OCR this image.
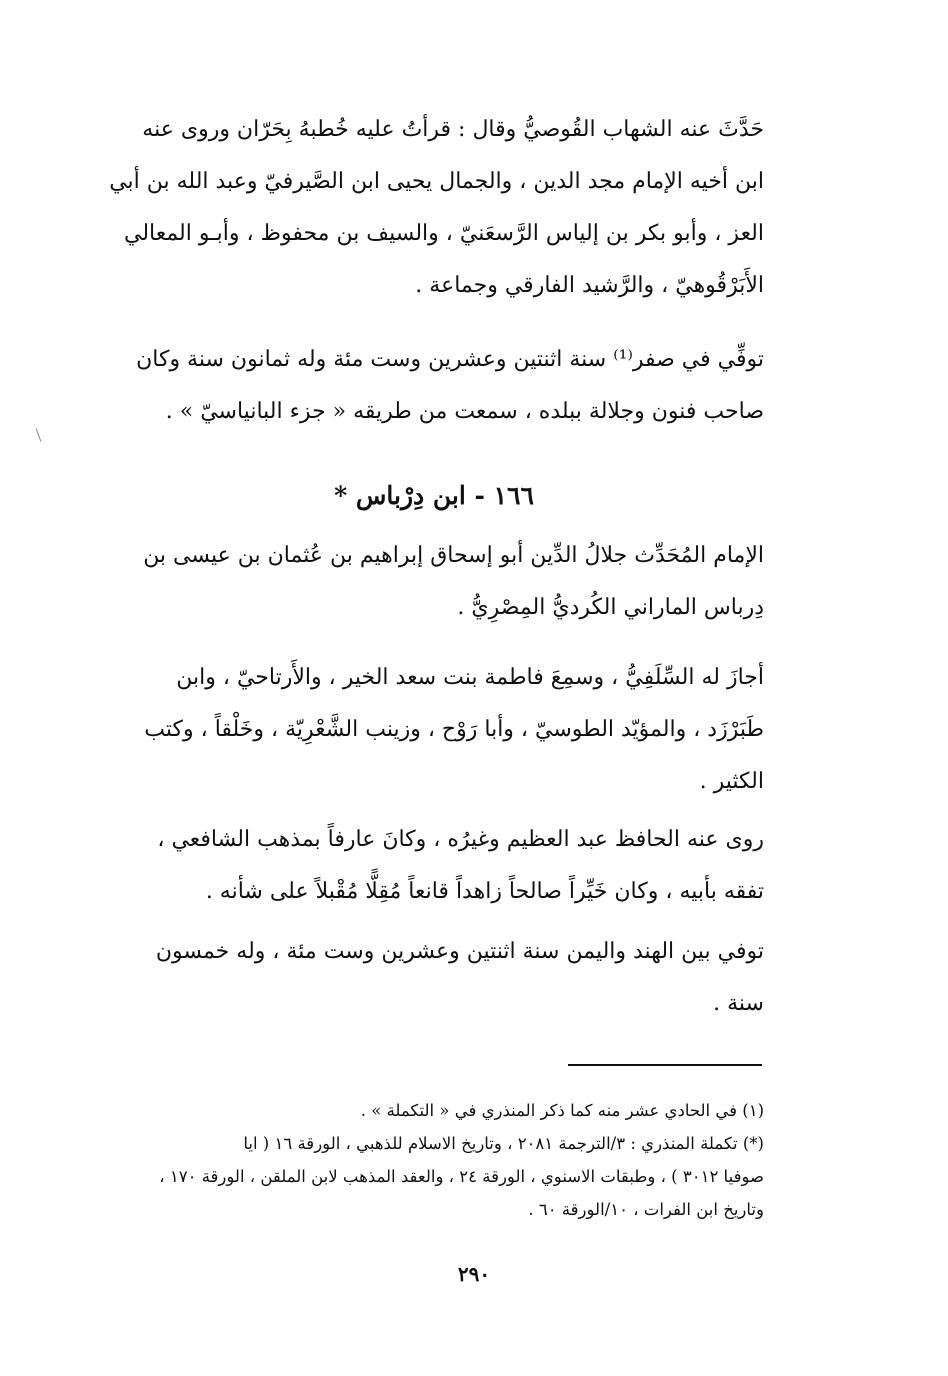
حَدَّثَ عنه الشهاب القُوصيُّ وقال : قرأتُ عليه خُطبهُ بِحَرّان وروى عنه
ابن أخيه الإمام مجد الدين ، والجمال يحيى ابن الصَّيرفيّ وعبد الله بن أبي
العز ، وأبو بكر بن إلياس الرَّسعَنيّ ، والسيف بن محفوظ ، وأبـو المعالي
الأَبَرْقُوهيّ ، والرَّشيد الفارقي وجماعة .
توفِّي في صفر⁽¹⁾ سنة اثنتين وعشرين وست مئة وله ثمانون سنة وكان
صاحب فنون وجلالة ببلده ، سمعت من طريقه « جزء البانياسيّ » .
١٦٦ - ابن دِرْباس *
الإمام المُحَدِّث جلالُ الدِّين أبو إسحاق إبراهيم بن عُثمان بن عيسى بن
دِرباس الماراني الكُرديُّ المِصْرِيُّ .
أجازَ له السِّلَفِيُّ ، وسمِعَ فاطمة بنت سعد الخير ، والأَرتاحيّ ، وابن
طَبَرْزَد ، والمؤيّد الطوسيّ ، وأبا رَوْح ، وزينب الشَّعْرِيّة ، وخَلْقاً ، وكتب
الكثير .
روى عنه الحافظ عبد العظيم وغيرُه ، وكانَ عارفاً بمذهب الشافعي ،
تفقه بأبيه ، وكان خَيِّراً صالحاً زاهداً قانعاً مُقِلًّا مُقْبلاً على شأنه .
توفي بين الهند واليمن سنة اثنتين وعشرين وست مئة ، وله خمسون
سنة .
(١) في الحادي عشر منه كما ذكر المنذري في « التكملة » .
(*) تكملة المنذري : ٣/الترجمة ٢٠٨١ ، وتاريخ الاسلام للذهبي ، الورقة ١٦ ( ايا
صوفيا ٣٠١٢ ) ، وطبقات الاسنوي ، الورقة ٢٤ ، والعقد المذهب لابن الملقن ، الورقة ١٧٠ ،
وتاريخ ابن الفرات ، ١٠/الورقة ٦٠ .
٢٩٠
